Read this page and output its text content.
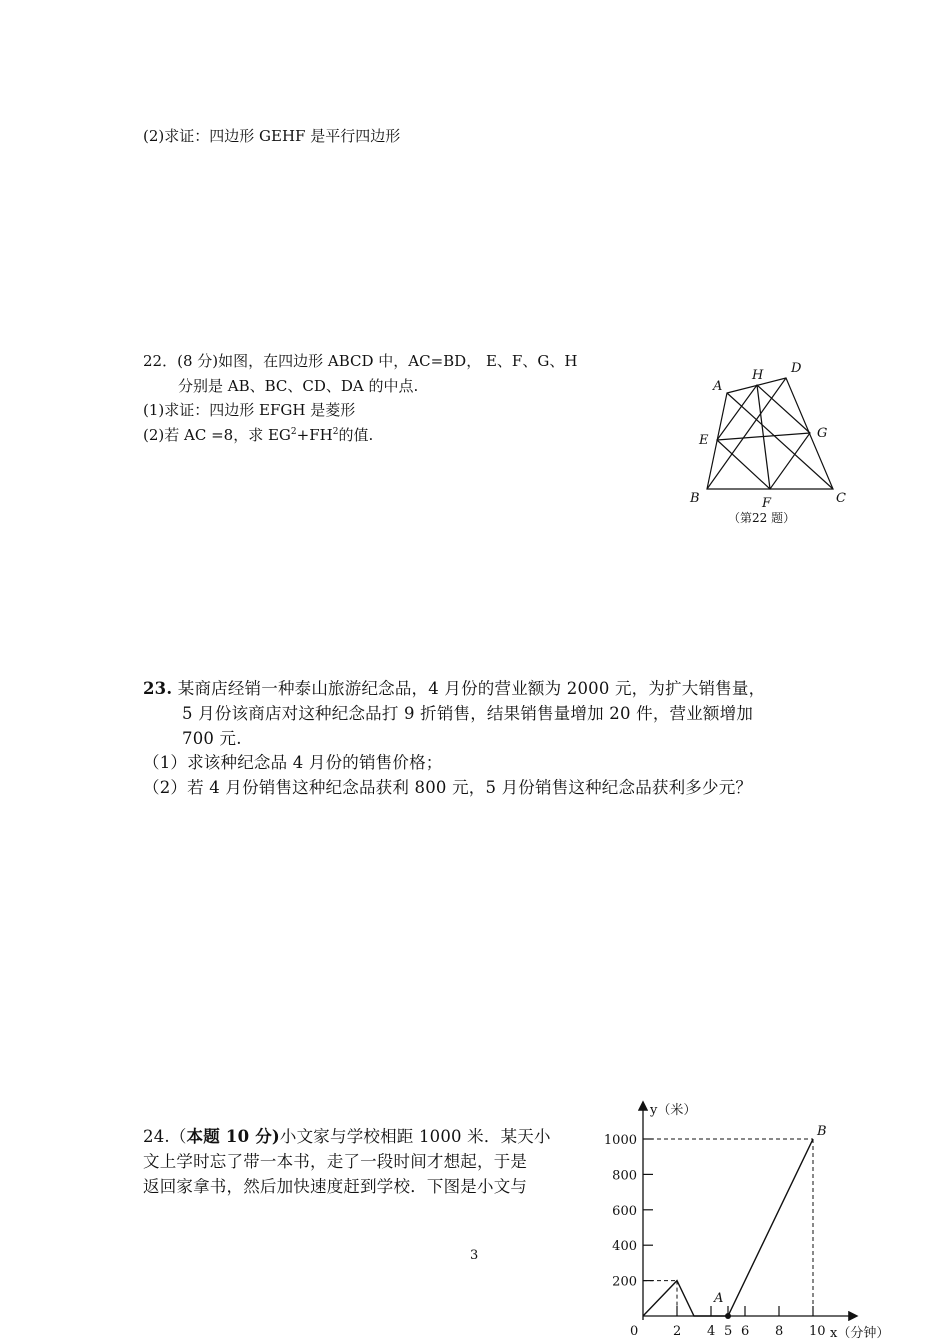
(2)求证：四边形 GEHF 是平行四边形
22．(8 分)如图，在四边形 ABCD 中，AC=BD， E、F、G、H
分别是 AB、BC、CD、DA 的中点.
(1)求证：四边形 EFGH 是菱形
(2)若 AC =8，求 $EG^2+FH^2$的值.
A
H D
E	G
B	F	C
（第22 题）
23. 某商店经销一种泰山旅游纪念品，4 月份的营业额为 2000 元，为扩大销售量，
5 月份该商店对这种纪念品打 9 折销售，结果销售量增加 20 件，营业额增加
700 元.
（1）求该种纪念品 4 月份的销售价格；
（2）若 4 月份销售这种纪念品获利 800 元，5 月份销售这种纪念品获利多少元？
24.（本题 10 分)小文家与学校相距 1000 米．某天小
文上学时忘了带一本书，走了一段时间才想起，于是
返回家拿书，然后加快速度赶到学校．下图是小文与
3
y（米）
x（分钟）
0
200
400
600
800
1000
2 4 5 6 8 10
A
B
